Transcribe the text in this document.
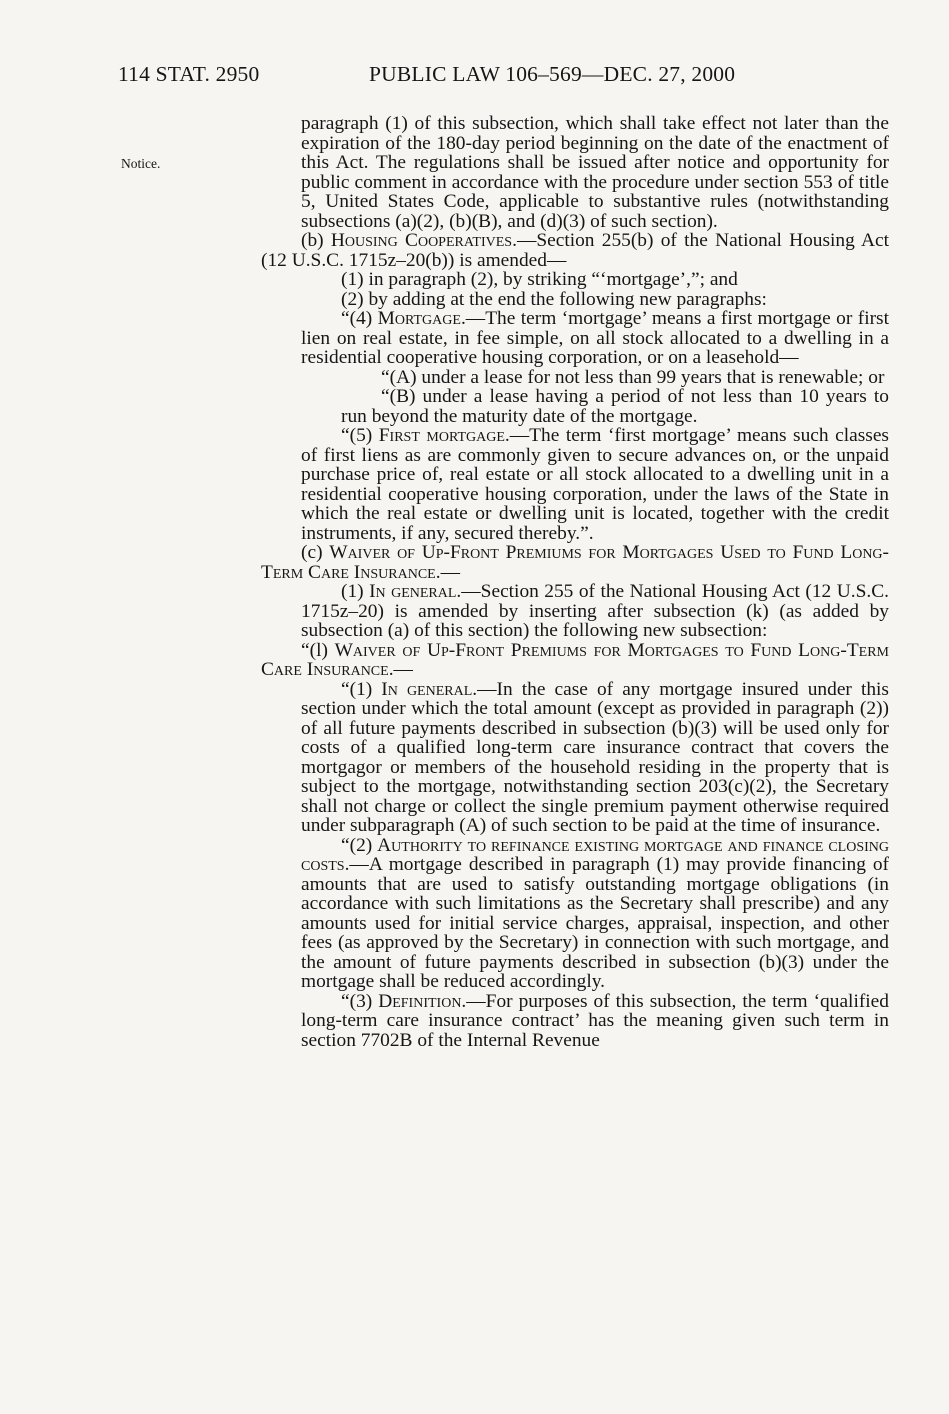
114 STAT. 2950	PUBLIC LAW 106–569—DEC. 27, 2000
Notice.

paragraph (1) of this subsection, which shall take effect not later than the expiration of the 180-day period beginning on the date of the enactment of this Act. The regulations shall be issued after notice and opportunity for public comment in accordance with the procedure under section 553 of title 5, United States Code, applicable to substantive rules (notwithstanding subsections (a)(2), (b)(B), and (d)(3) of such section).

(b) Housing Cooperatives.—Section 255(b) of the National Housing Act (12 U.S.C. 1715z–20(b)) is amended—

(1) in paragraph (2), by striking “‘mortgage’,”; and

(2) by adding at the end the following new paragraphs:

“(4) Mortgage.—The term ‘mortgage’ means a first mortgage or first lien on real estate, in fee simple, on all stock allocated to a dwelling in a residential cooperative housing corporation, or on a leasehold—

“(A) under a lease for not less than 99 years that is renewable; or

“(B) under a lease having a period of not less than 10 years to run beyond the maturity date of the mortgage.

“(5) First mortgage.—The term ‘first mortgage’ means such classes of first liens as are commonly given to secure advances on, or the unpaid purchase price of, real estate or all stock allocated to a dwelling unit in a residential cooperative housing corporation, under the laws of the State in which the real estate or dwelling unit is located, together with the credit instruments, if any, secured thereby.”.

(c) Waiver of Up-Front Premiums for Mortgages Used to Fund Long-Term Care Insurance.—

(1) In general.—Section 255 of the National Housing Act (12 U.S.C. 1715z–20) is amended by inserting after subsection (k) (as added by subsection (a) of this section) the following new subsection:

“(l) Waiver of Up-Front Premiums for Mortgages to Fund Long-Term Care Insurance.—

“(1) In general.—In the case of any mortgage insured under this section under which the total amount (except as provided in paragraph (2)) of all future payments described in subsection (b)(3) will be used only for costs of a qualified long-term care insurance contract that covers the mortgagor or members of the household residing in the property that is subject to the mortgage, notwithstanding section 203(c)(2), the Secretary shall not charge or collect the single premium payment otherwise required under subparagraph (A) of such section to be paid at the time of insurance.

“(2) Authority to refinance existing mortgage and finance closing costs.—A mortgage described in paragraph (1) may provide financing of amounts that are used to satisfy outstanding mortgage obligations (in accordance with such limitations as the Secretary shall prescribe) and any amounts used for initial service charges, appraisal, inspection, and other fees (as approved by the Secretary) in connection with such mortgage, and the amount of future payments described in subsection (b)(3) under the mortgage shall be reduced accordingly.

“(3) Definition.—For purposes of this subsection, the term ‘qualified long-term care insurance contract’ has the meaning given such term in section 7702B of the Internal Revenue
